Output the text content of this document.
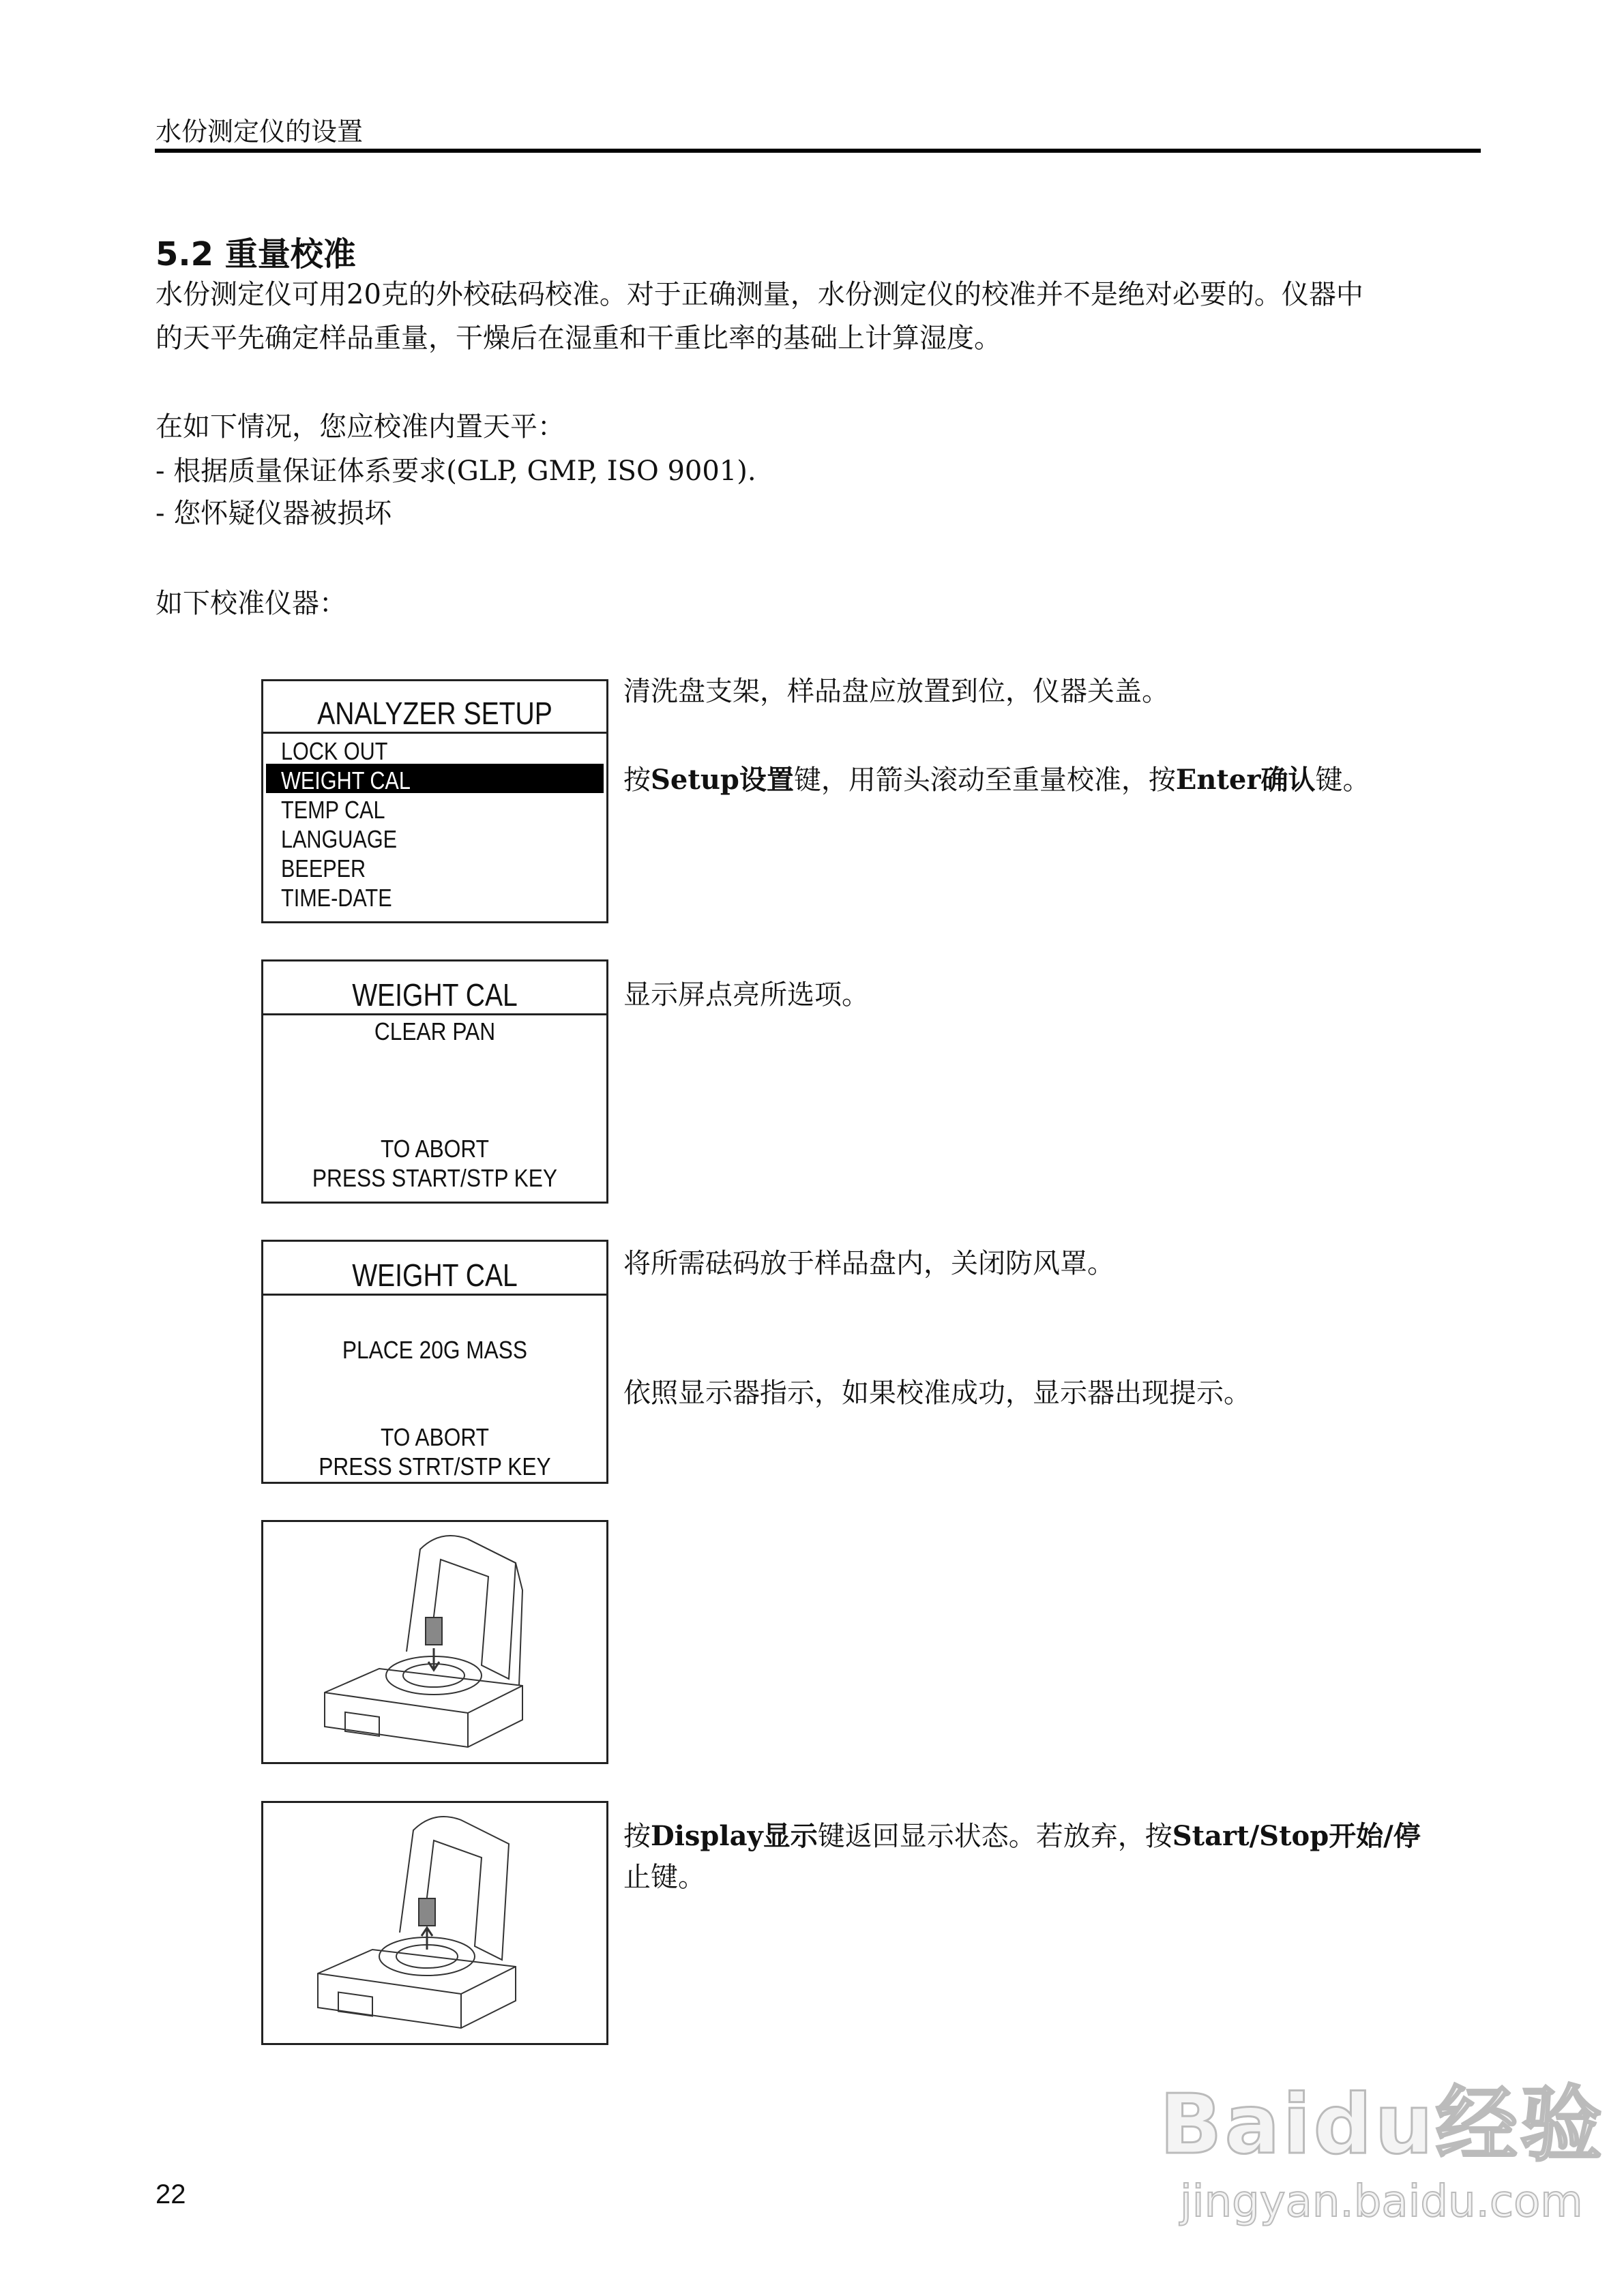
水份测定仪的设置
5.2 重量校准
水份测定仪可用20克的外校砝码校准。对于正确测量，水份测定仪的校准并不是绝对必要的。仪器中
的天平先确定样品重量，干燥后在湿重和干重比率的基础上计算湿度。
在如下情况，您应校准内置天平：
- 根据质量保证体系要求(GLP, GMP, ISO 9001).
- 您怀疑仪器被损坏
如下校准仪器：
ANALYZER SETUP
LOCK OUT
WEIGHT CAL
TEMP CAL
LANGUAGE
BEEPER
TIME-DATE
清洗盘支架，样品盘应放置到位，仪器关盖。
按Setup设置键，用箭头滚动至重量校准，按Enter确认键。
WEIGHT CAL
CLEAR PAN
TO ABORT
PRESS START/STP KEY
显示屏点亮所选项。
WEIGHT CAL
PLACE 20G MASS
TO ABORT
PRESS STRT/STP KEY
将所需砝码放于样品盘内，关闭防风罩。
依照显示器指示，如果校准成功，显示器出现提示。
按Display显示键返回显示状态。若放弃，按Start/Stop开始/停
止键。
22
Baidu经验
jingyan.baidu.com
